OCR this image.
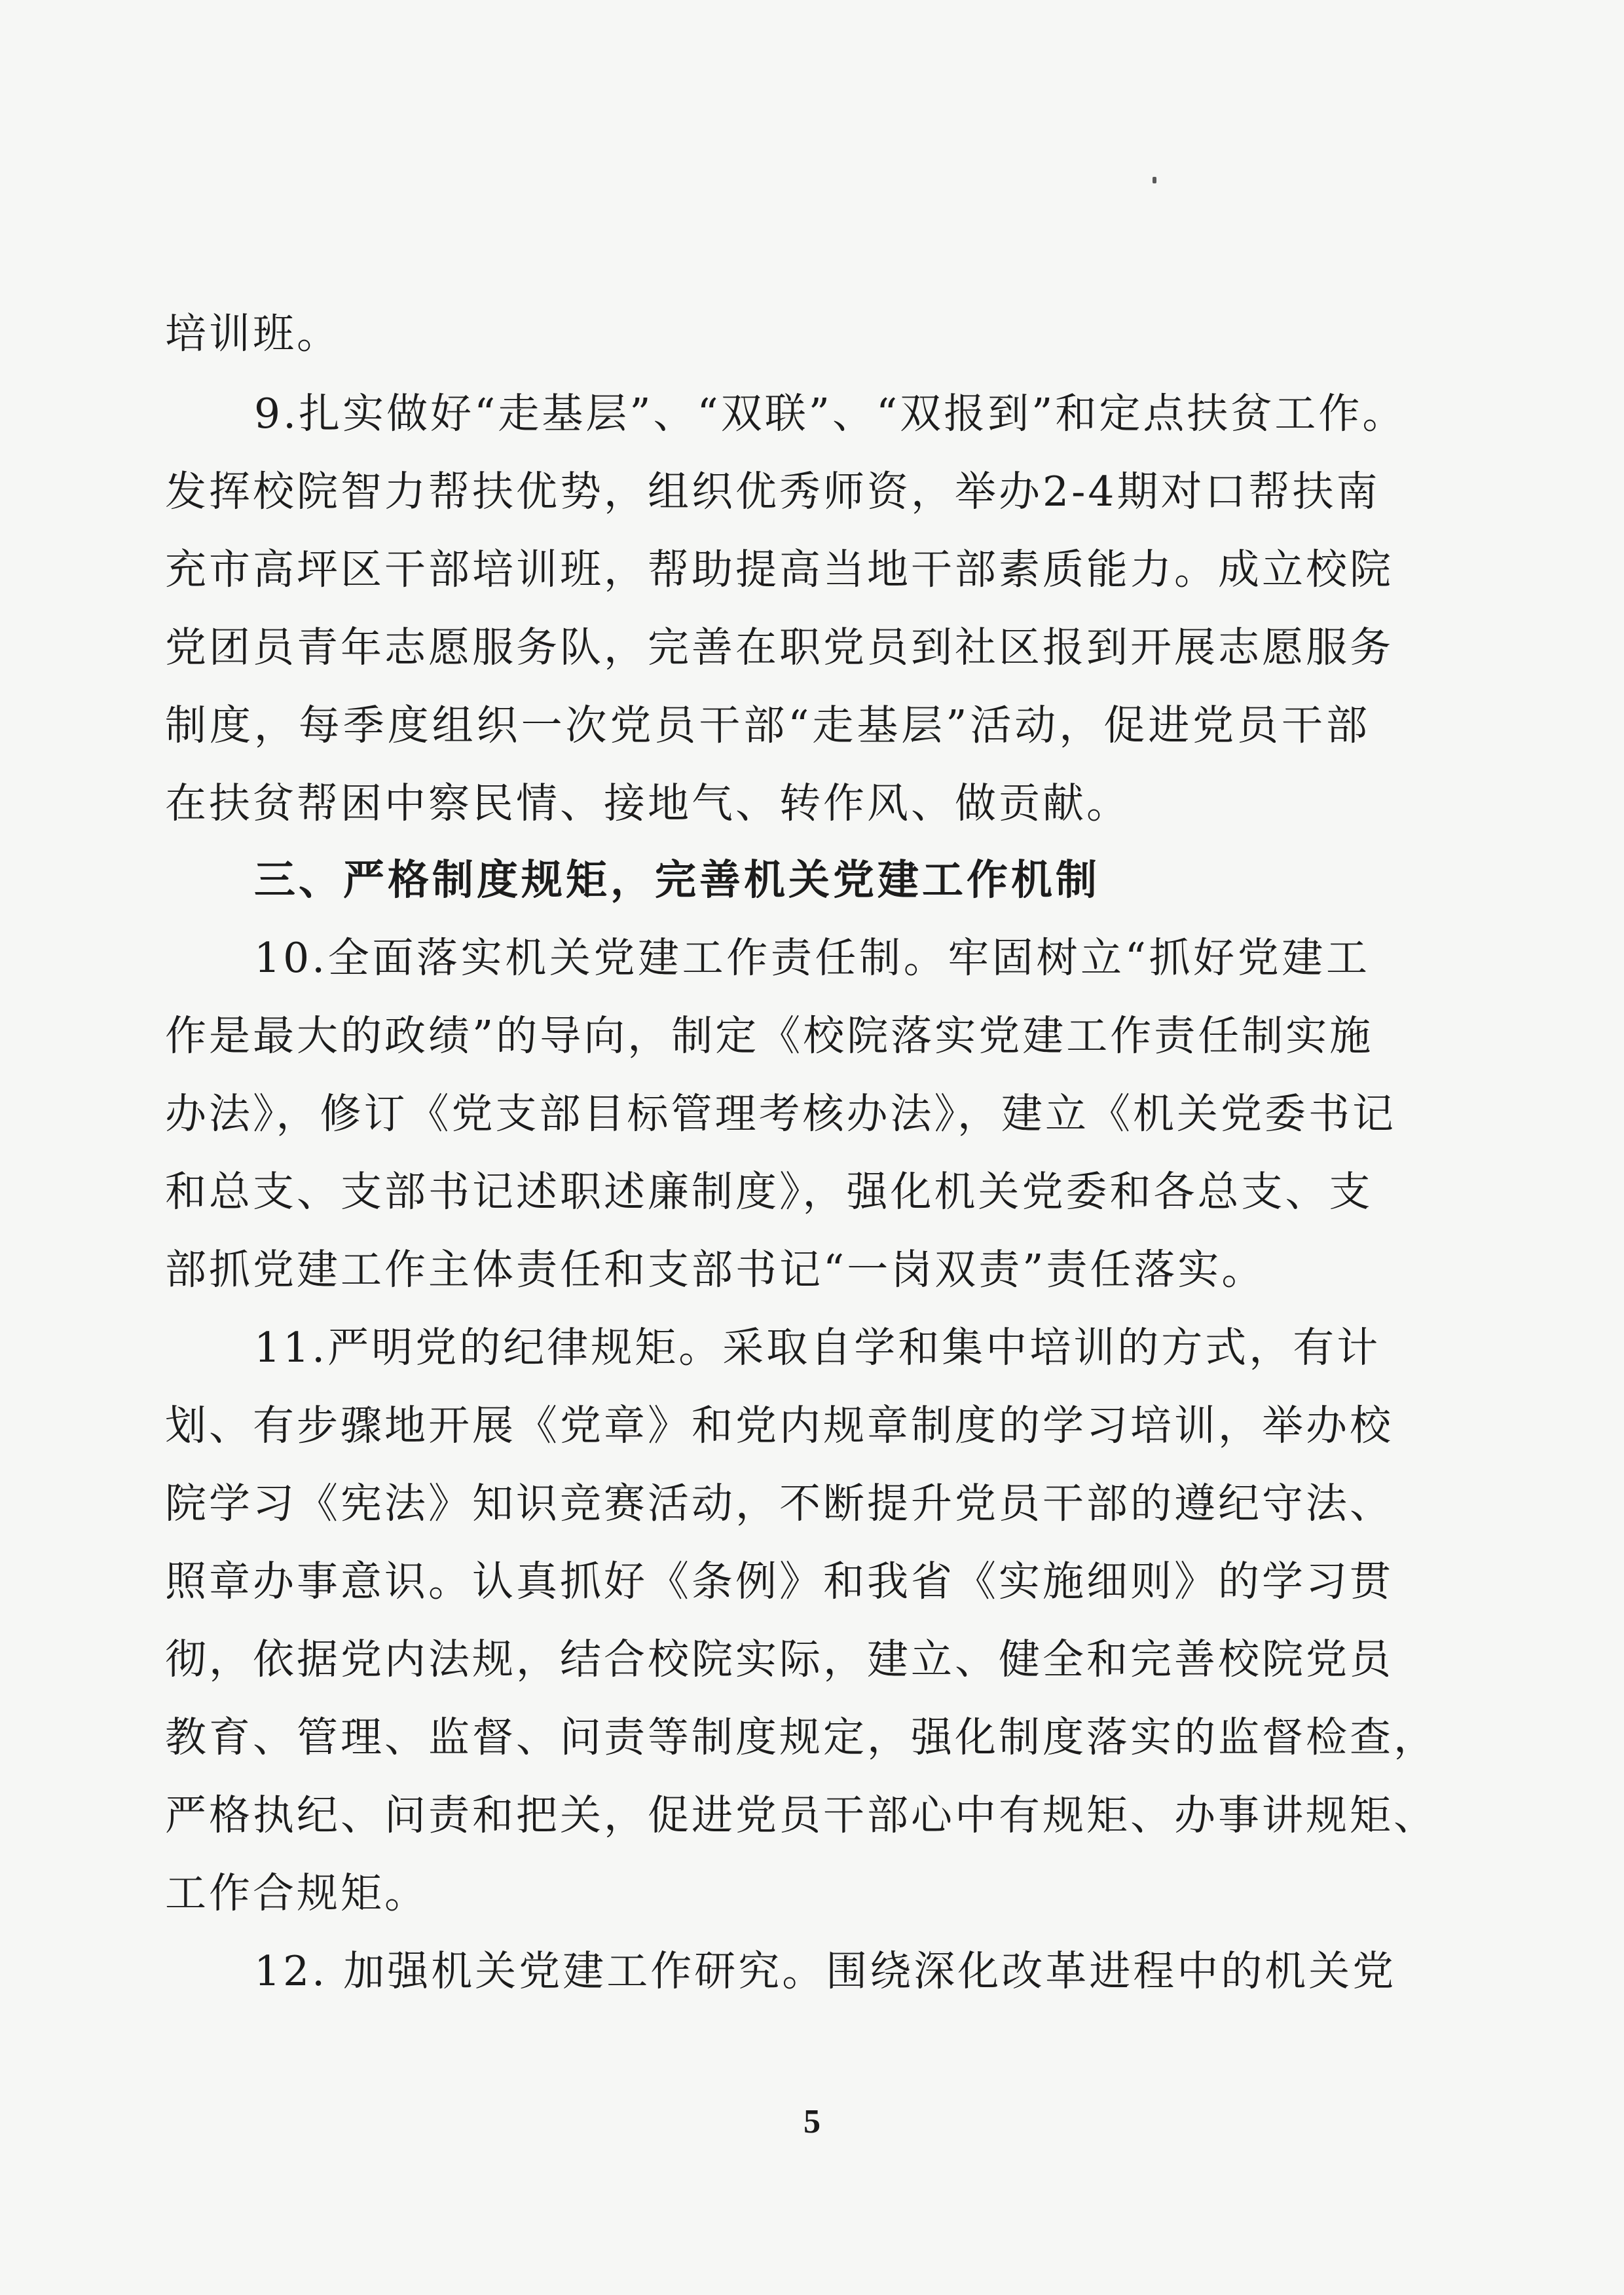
培训班。
9.扎实做好“走基层”、“双联”、“双报到”和定点扶贫工作。
发挥校院智力帮扶优势，组织优秀师资，举办2-4期对口帮扶南
充市高坪区干部培训班，帮助提高当地干部素质能力。成立校院
党团员青年志愿服务队，完善在职党员到社区报到开展志愿服务
制度，每季度组织一次党员干部“走基层”活动，促进党员干部
在扶贫帮困中察民情、接地气、转作风、做贡献。
三、严格制度规矩，完善机关党建工作机制
10.全面落实机关党建工作责任制。牢固树立“抓好党建工
作是最大的政绩”的导向，制定《校院落实党建工作责任制实施
办法》，修订《党支部目标管理考核办法》，建立《机关党委书记
和总支、支部书记述职述廉制度》，强化机关党委和各总支、支
部抓党建工作主体责任和支部书记“一岗双责”责任落实。
11.严明党的纪律规矩。采取自学和集中培训的方式，有计
划、有步骤地开展《党章》和党内规章制度的学习培训，举办校
院学习《宪法》知识竞赛活动，不断提升党员干部的遵纪守法、
照章办事意识。认真抓好《条例》和我省《实施细则》的学习贯
彻，依据党内法规，结合校院实际，建立、健全和完善校院党员
教育、管理、监督、问责等制度规定，强化制度落实的监督检查，
严格执纪、问责和把关，促进党员干部心中有规矩、办事讲规矩、
工作合规矩。
12. 加强机关党建工作研究。围绕深化改革进程中的机关党
5
